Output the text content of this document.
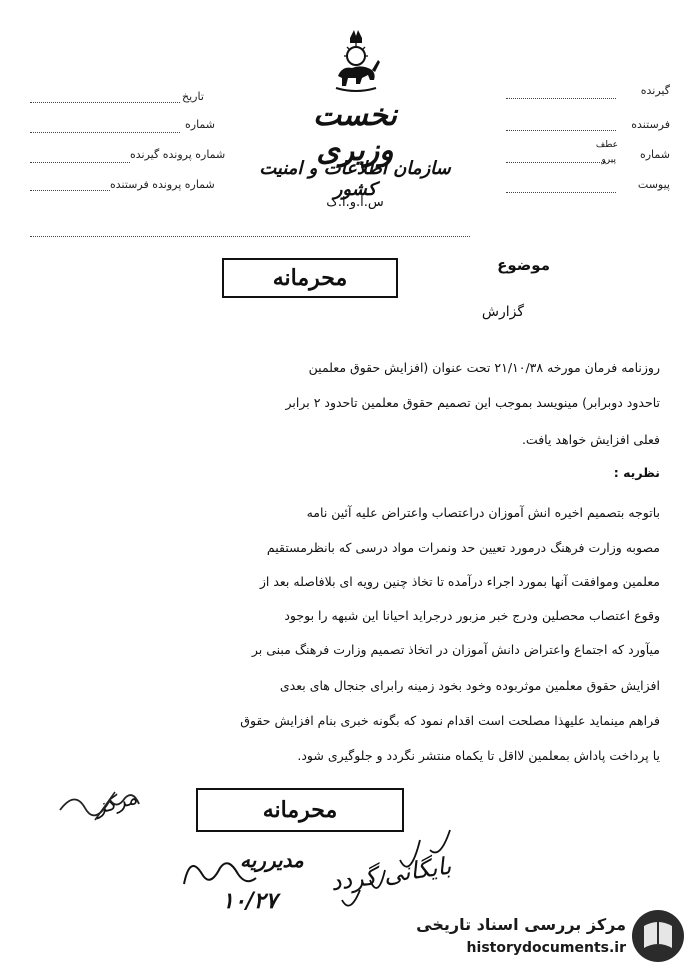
نخست وزیری
سازمان اطلاعات و امنیت کشور
س.ا.و.ا.ک
تاریخ
شماره
شماره پرونده گیرنده
شماره پرونده فرستنده
گیرنده
فرستنده
شماره
عطف
پیرو
پیوست
محرمانه	موضوع
گزارش
روزنامه فرمان مورخه ۲۱/۱۰/۳۸ تحت عنوان (افزایش حقوق معلمین
تاحدود دوبرابر) مینویسد بموجب این تصمیم حقوق معلمین تاحدود ۲ برابر
فعلی افزایش خواهد یافت.
نظریه :
باتوجه بتصمیم اخیره انش آموزان دراعتصاب واعتراض علیه آئین نامه
مصوبه وزارت فرهنگ درمورد تعیین حد ونمرات مواد درسی که بانظرمستقیم
معلمین وموافقت آنها بمورد اجراء درآمده تا تخاذ چنین رویه ای بلافاصله بعد از
وقوع اعتصاب محصلین ودرج خبر مزبور درجراید احیانا این شبهه را بوجود
میآورد که اجتماع واعتراض دانش آموزان در اتخاذ تصمیم وزارت فرهنگ مبنی بر
افزایش حقوق معلمین موثربوده وخود بخود زمینه رابرای جنجال های بعدی
فراهم مینماید علیهذا مصلحت است اقدام نمود که بگونه خبری بنام افزایش حقوق
یا پرداخت پاداش بمعلمین لااقل تا یکماه منتشر نگردد و جلوگیری شود.
محرمانه
مرکز
مدیرریه
۱۰/۲۷
بایگانی گردد
مرکز بررسی اسناد تاریخی
historydocuments.ir
